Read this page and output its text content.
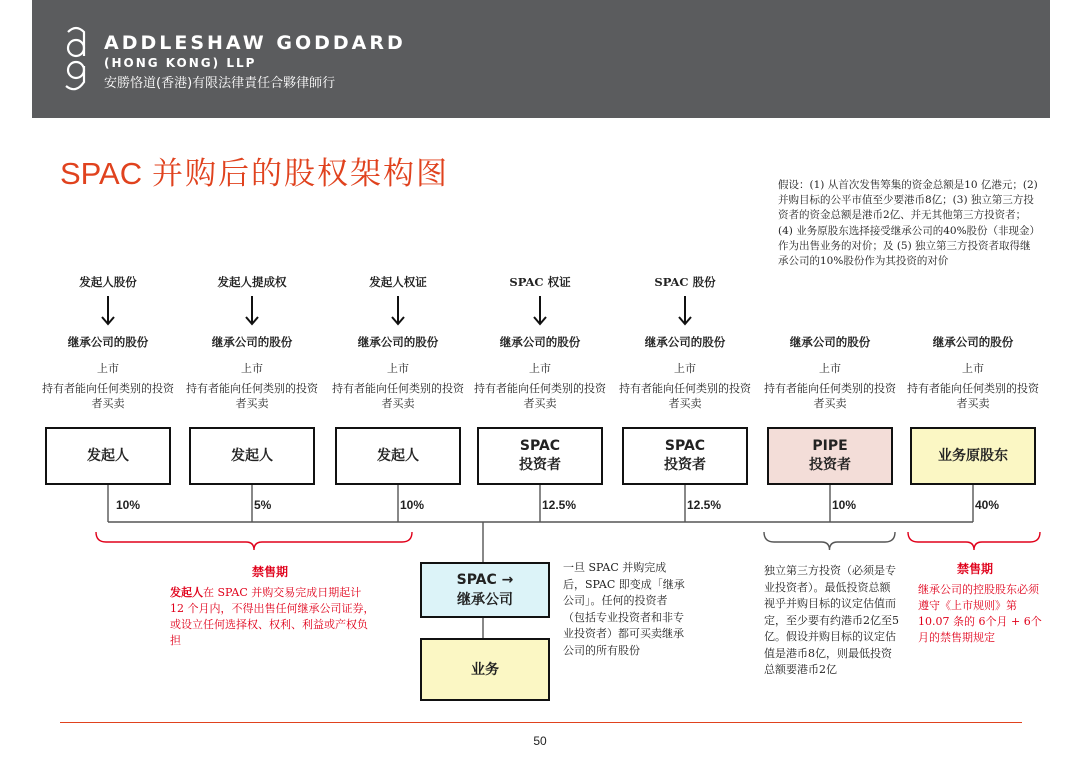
ADDLESHAW GODDARD
(HONG KONG) LLP
安勝恪道(香港)有限法律責任合夥律師行
SPAC 并购后的股权架构图	假设：(1) 从首次发售筹集的资金总额是10 亿港元；(2) 并购目标的公平市值至少要港币8亿；(3) 独立第三方投资者的资金总额是港币2亿、并无其他第三方投资者；(4) 业务原股东选择接受继承公司的40%股份（非现金）作为出售业务的对价；及 (5) 独立第三方投资者取得继承公司的10%股份作为其投资的对价
发起人股份
继承公司的股份
上市
持有者能向任何类别的投资者买卖
发起人
10%
发起人提成权
继承公司的股份
上市
持有者能向任何类别的投资者买卖
发起人
5%
发起人权证
继承公司的股份
上市
持有者能向任何类别的投资者买卖
发起人
10%
SPAC 权证
继承公司的股份
上市
持有者能向任何类别的投资者买卖
SPAC
投资者
12.5%
SPAC 股份
继承公司的股份
上市
持有者能向任何类别的投资者买卖
SPAC
投资者
12.5%
继承公司的股份
上市
持有者能向任何类别的投资者买卖
PIPE
投资者
10%
继承公司的股份
上市
持有者能向任何类别的投资者买卖
业务原股东
40%
禁售期
发起人在 SPAC 并购交易完成日期起计 12 个月内，不得出售任何继承公司证券，或设立任何选择权、权利、利益或产权负担
SPAC →
继承公司
业务
一旦 SPAC 并购完成后，SPAC 即变成「继承公司」。任何的投资者（包括专业投资者和非专业投资者）都可买卖继承公司的所有股份
独立第三方投资（必须是专业投资者）。最低投资总额视乎并购目标的议定估值而定，至少要有约港币2亿至5亿。假设并购目标的议定估值是港币8亿，则最低投资总额要港币2亿
禁售期
继承公司的控股股东必须遵守《上市规则》第10.07 条的 6个月 + 6个月的禁售期规定
50
